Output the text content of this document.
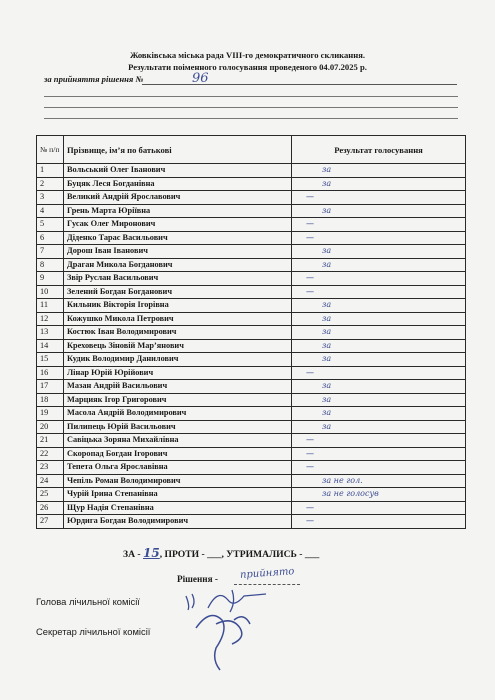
Жовківська міська рада VIII-го демократичного скликання.
Результати поіменного голосування проведеного 04.07.2025 р.
за прийняття рішення №	96
№ п/п	Прізвище, ім’я по батькові	Результат голосування
1	Вольський Олег Іванович	за
2	Буцяк Леся Богданівна	за
3	Великий Андрій Ярославович	—
4	Грень Марта Юріївна	за
5	Гусак Олег Миронович	—
6	Діденко Тарас Васильович	—
7	Дорош Іван Іванович	за
8	Драган Микола Богданович	за
9	Звір Руслан Васильович	—
10	Зелений Богдан Богданович	—
11	Кильник Вікторія Ігорівна	за
12	Кожушко Микола Петрович	за
13	Костюк Іван Володимирович	за
14	Креховець Зіновій Мар’янович	за
15	Кудик Володимир Данилович	за
16	Лінар Юрій Юрійович	—
17	Мазан Андрій Васильович	за
18	Марцияк Ігор Григорович	за
19	Масола Андрій Володимирович	за
20	Пилипець Юрій Васильович	за
21	Савіцька Зоряна Михайлівна	—
22	Скоропад Богдан Ігорович	—
23	Тепета Ольга Ярославівна	—
24	Чепіль Роман Володимирович	за не гол.
25	Чурій Ірина Степанівна	за не голосув
26	Щур Надія Степанівна	—
27	Юрдига Богдан Володимирович	—
ЗА - 15, ПРОТИ - ___, УТРИМАЛИСЬ - ___
Рішення - прийнято
Голова лічильної комісії
Секретар лічильної комісії
